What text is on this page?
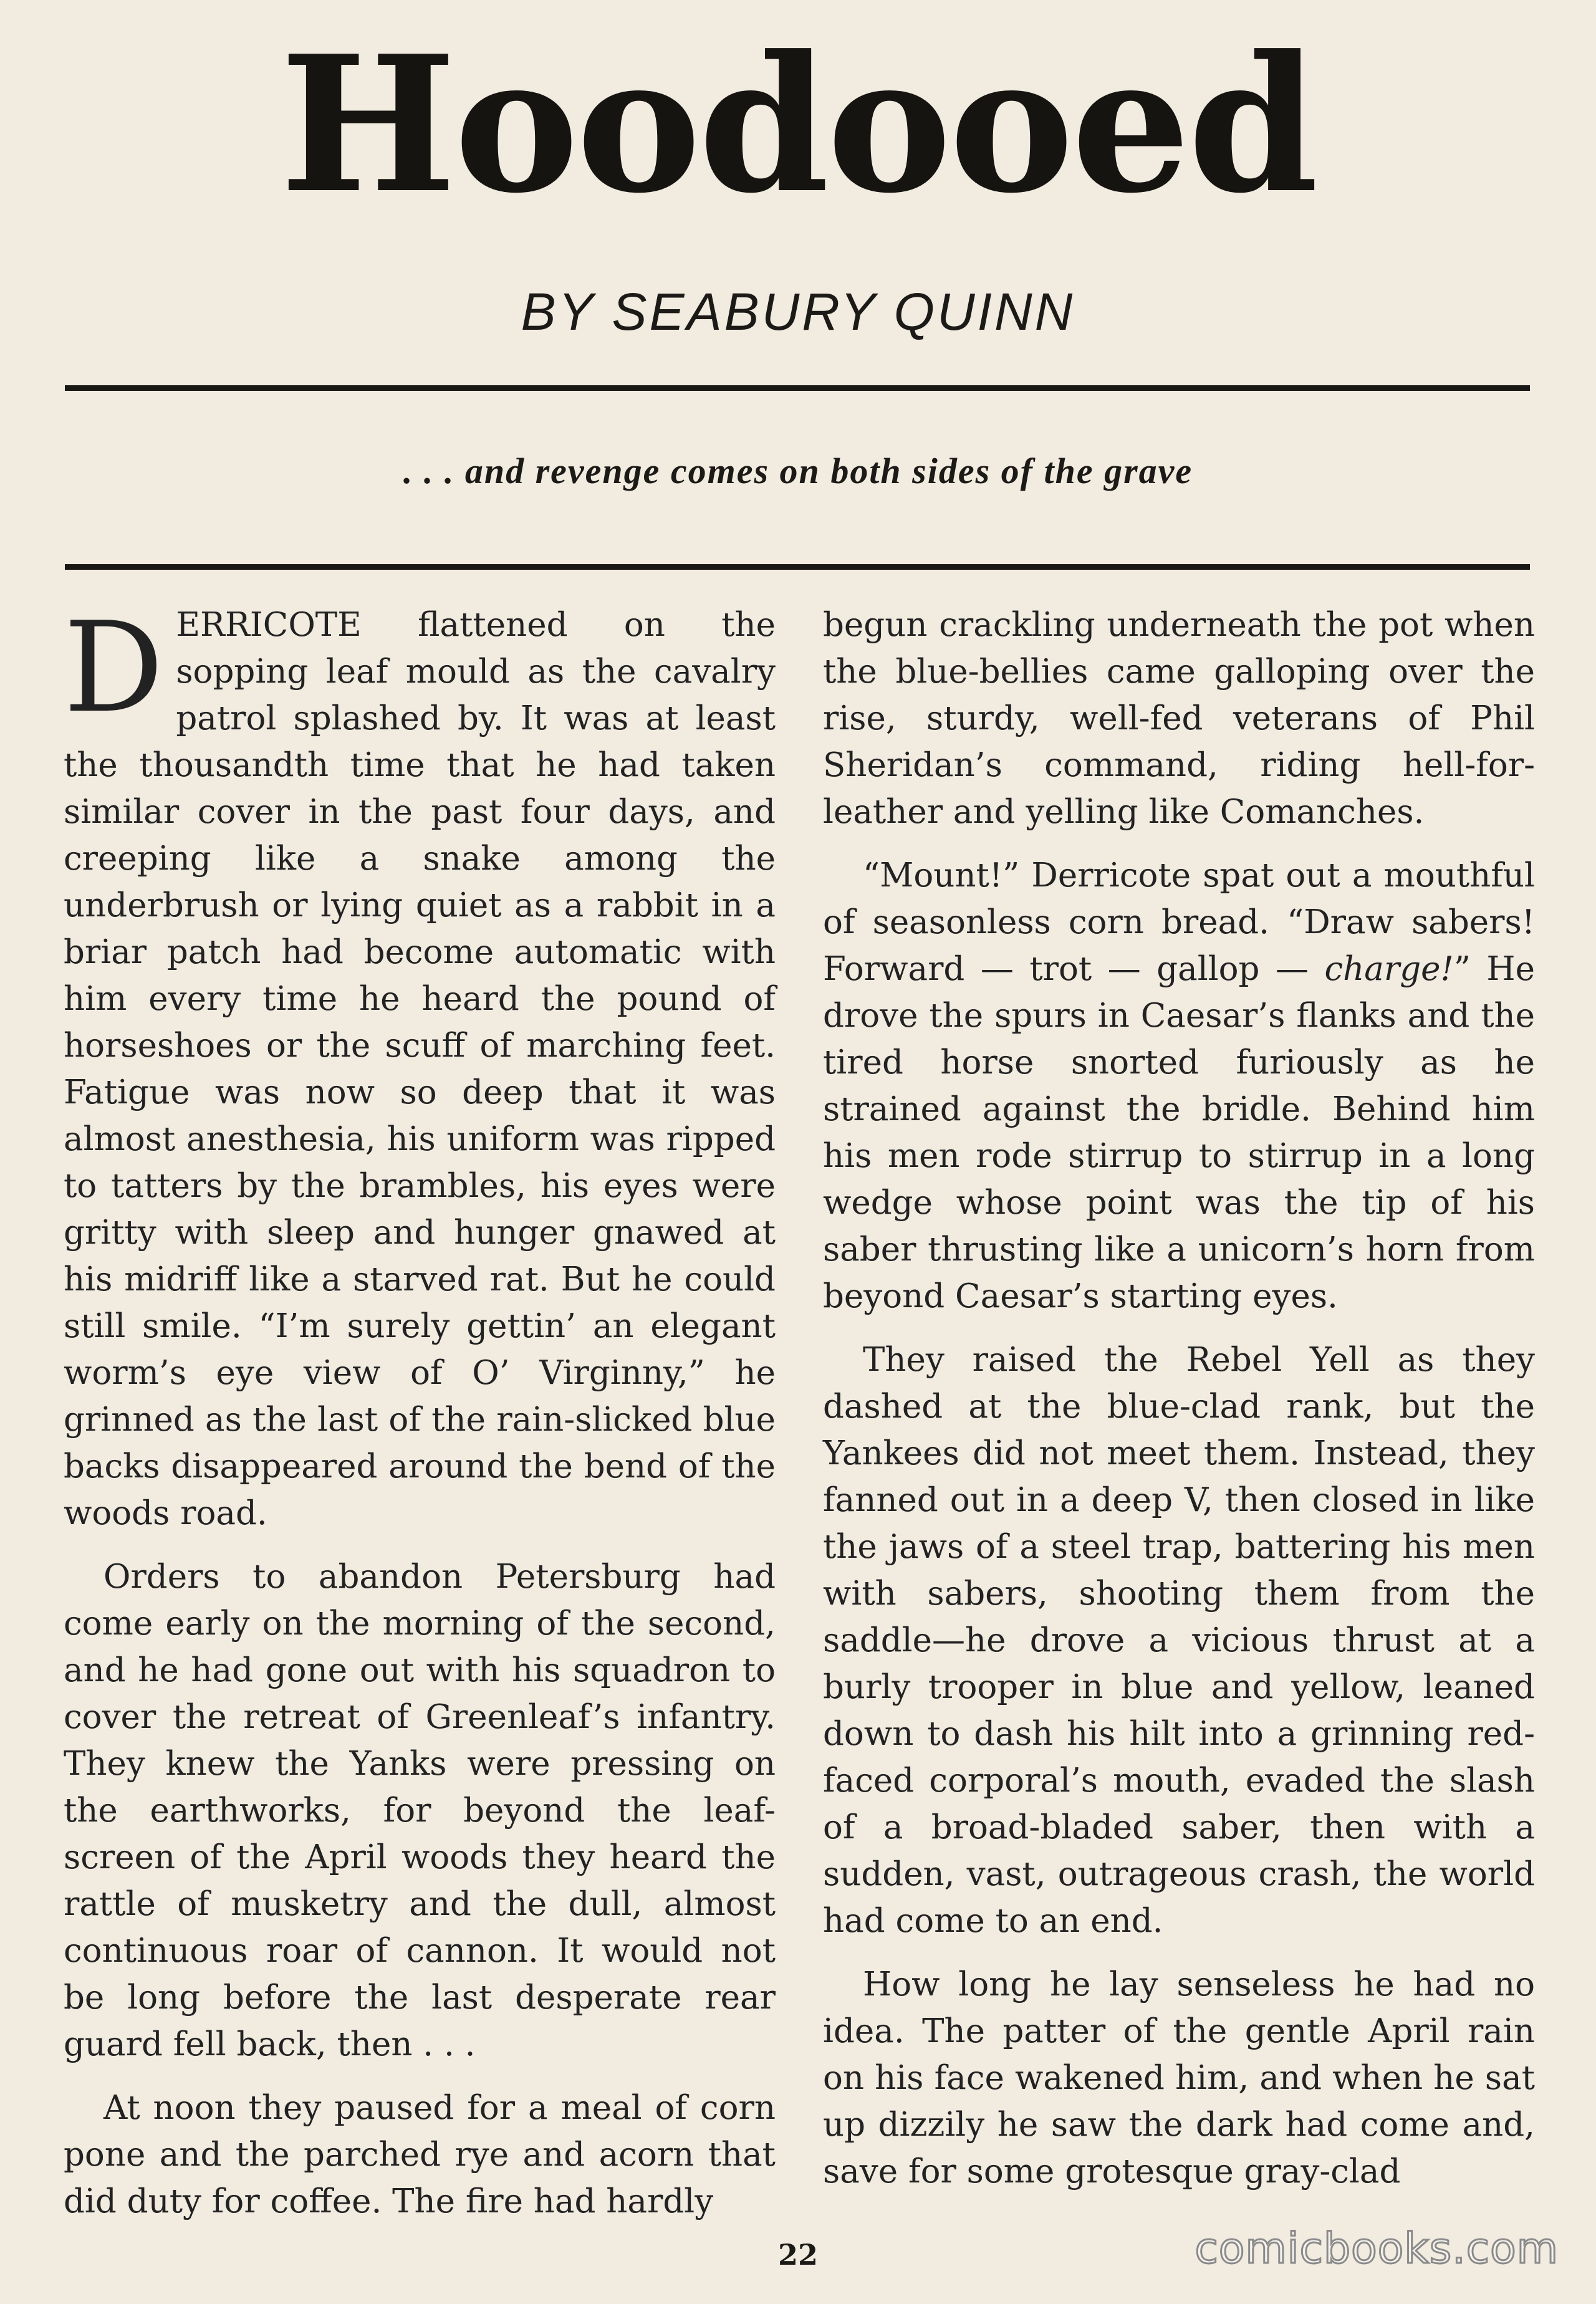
Hoodooed
BY SEABURY QUINN
. . . and revenge comes on both sides of the grave

DERRICOTE flattened on the sopping leaf mould as the cavalry patrol splashed by. It was at least the thousandth time that he had taken similar cover in the past four days, and creeping like a snake among the underbrush or lying quiet as a rabbit in a briar patch had become automatic with him every time he heard the pound of horseshoes or the scuff of marching feet. Fatigue was now so deep that it was almost anesthesia, his uniform was ripped to tatters by the brambles, his eyes were gritty with sleep and hunger gnawed at his midriff like a starved rat. But he could still smile. “I’m surely gettin’ an elegant worm’s eye view of O’ Virginny,” he grinned as the last of the rain-slicked blue backs disappeared around the bend of the woods road.

Orders to abandon Petersburg had come early on the morning of the second, and he had gone out with his squadron to cover the retreat of Greenleaf’s infantry. They knew the Yanks were pressing on the earthworks, for beyond the leaf-screen of the April woods they heard the rattle of musketry and the dull, almost continuous roar of cannon. It would not be long before the last desperate rear guard fell back, then . . .

At noon they paused for a meal of corn pone and the parched rye and acorn that did duty for coffee. The fire had hardly

begun crackling underneath the pot when the blue-bellies came galloping over the rise, sturdy, well-fed veterans of Phil Sheridan’s command, riding hell-for-leather and yelling like Comanches.

“Mount!” Derricote spat out a mouthful of seasonless corn bread. “Draw sabers! Forward — trot — gallop — charge!” He drove the spurs in Caesar’s flanks and the tired horse snorted furiously as he strained against the bridle. Behind him his men rode stirrup to stirrup in a long wedge whose point was the tip of his saber thrusting like a unicorn’s horn from beyond Caesar’s starting eyes.

They raised the Rebel Yell as they dashed at the blue-clad rank, but the Yankees did not meet them. Instead, they fanned out in a deep V, then closed in like the jaws of a steel trap, battering his men with sabers, shooting them from the saddle—he drove a vicious thrust at a burly trooper in blue and yellow, leaned down to dash his hilt into a grinning red-faced corporal’s mouth, evaded the slash of a broad-bladed saber, then with a sudden, vast, outrageous crash, the world had come to an end.

How long he lay senseless he had no idea. The patter of the gentle April rain on his face wakened him, and when he sat up dizzily he saw the dark had come and, save for some grotesque gray-clad

22	comicbooks.com
